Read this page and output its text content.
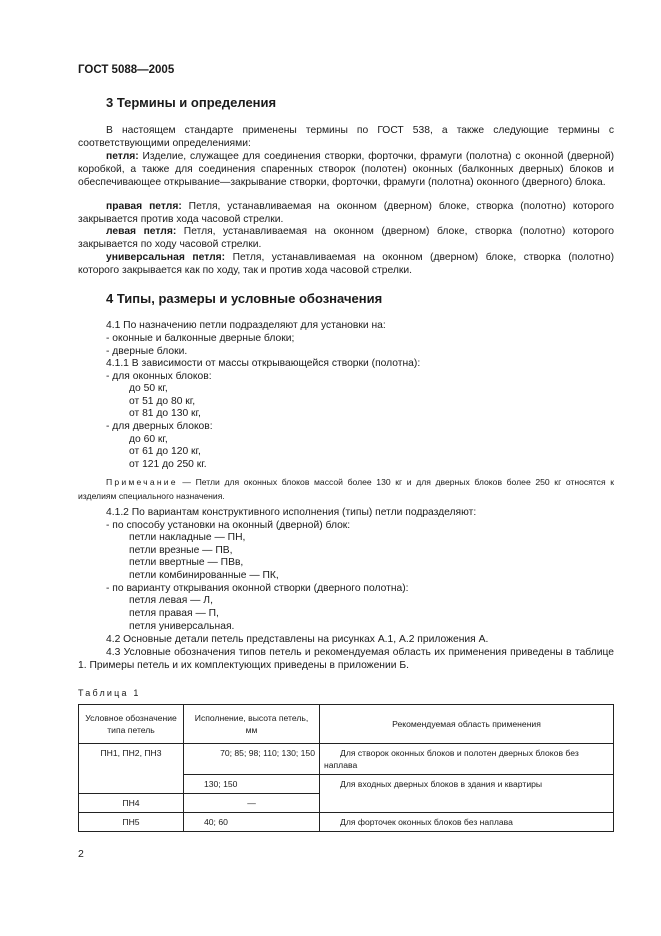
ГОСТ 5088—2005
3 Термины и определения

В настоящем стандарте применены термины по ГОСТ 538, а также следующие термины с соответствующими определениями:

петля: Изделие, служащее для соединения створки, форточки, фрамуги (полотна) с оконной (дверной) коробкой, а также для соединения спаренных створок (полотен) оконных (балконных дверных) блоков и обеспечивающее открывание—закрывание створки, форточки, фрамуги (полотна) оконного (дверного) блока.

правая петля: Петля, устанавливаемая на оконном (дверном) блоке, створка (полотно) которого закрывается против хода часовой стрелки.

левая петля: Петля, устанавливаемая на оконном (дверном) блоке, створка (полотно) которого закрывается по ходу часовой стрелки.

универсальная петля: Петля, устанавливаемая на оконном (дверном) блоке, створка (полотно) которого закрывается как по ходу, так и против хода часовой стрелки.

4 Типы, размеры и условные обозначения
4.1 По назначению петли подразделяют для установки на:
- оконные и балконные дверные блоки;
- дверные блоки.
4.1.1 В зависимости от массы открывающейся створки (полотна):
- для оконных блоков:
до 50 кг,
от 51 до 80 кг,
от 81 до 130 кг,
- для дверных блоков:
до 60 кг,
от 61 до 120 кг,
от 121 до 250 кг.

Примечание — Петли для оконных блоков массой более 130 кг и для дверных блоков более 250 кг относятся к изделиям специального назначения.

4.1.2 По вариантам конструктивного исполнения (типы) петли подразделяют:
- по способу установки на оконный (дверной) блок:
петли накладные — ПН,
петли врезные — ПВ,
петли ввертные — ПВв,
петли комбинированные — ПК,
- по варианту открывания оконной створки (дверного полотна):
петля левая — Л,
петля правая — П,
петля универсальная.
4.2 Основные детали петель представлены на рисунках А.1, А.2 приложения А.

4.3 Условные обозначения типов петель и рекомендуемая область их применения приведены в таблице 1. Примеры петель и их комплектующих приведены в приложении Б.

Таблица 1
Условное обозначение типа петель	Исполнение, высота петель, мм	Рекомендуемая область применения
ПН1, ПН2, ПН3	70; 85; 98; 110; 130; 150	Для створок оконных блоков и полотен дверных блоков без наплава
	130; 150	Для входных дверных блоков в здания и квартиры
ПН4	—	
ПН5	40; 60	Для форточек оконных блоков без наплава
2
